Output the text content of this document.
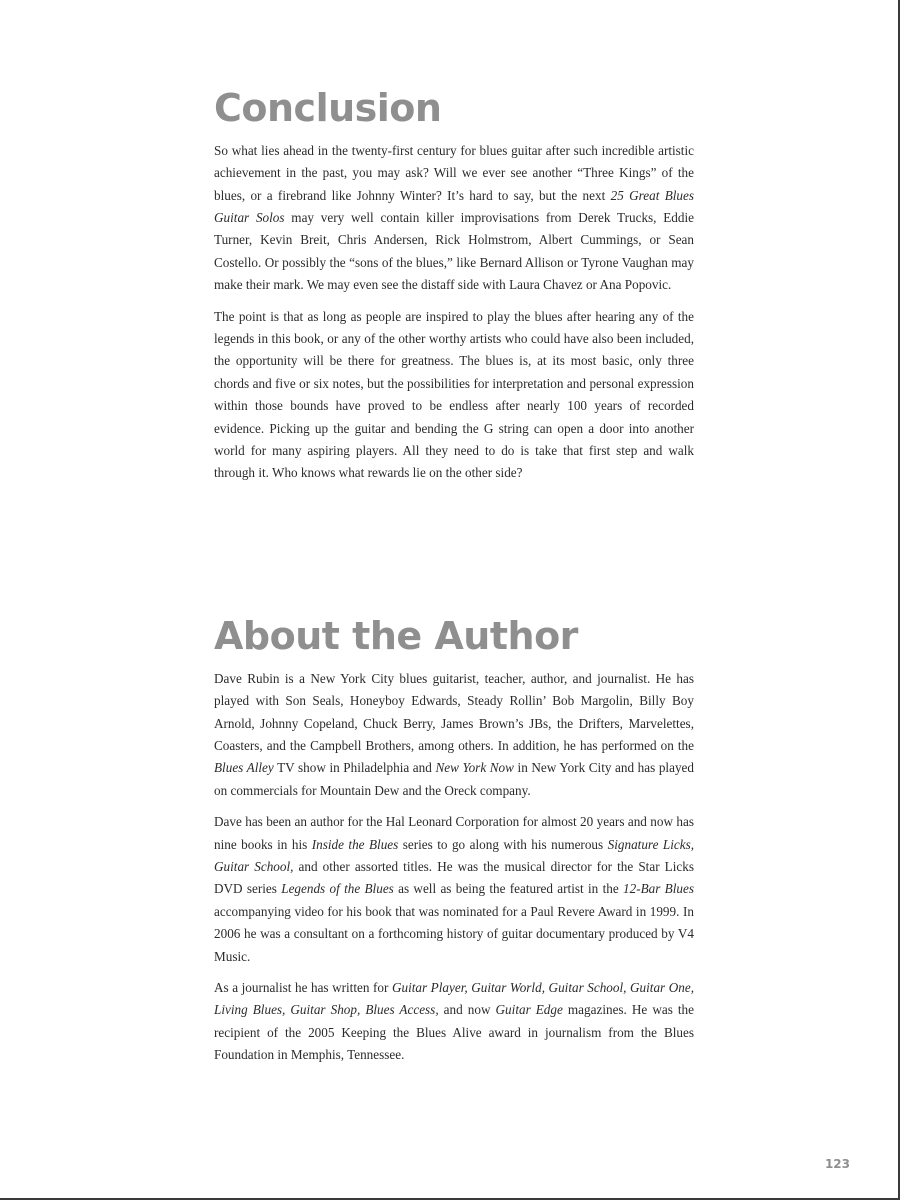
Conclusion

So what lies ahead in the twenty-first century for blues guitar after such incredible artistic achievement in the past, you may ask? Will we ever see another “Three Kings” of the blues, or a firebrand like Johnny Winter? It’s hard to say, but the next 25 Great Blues Guitar Solos may very well contain killer improvisations from Derek Trucks, Eddie Turner, Kevin Breit, Chris Andersen, Rick Holmstrom, Albert Cummings, or Sean Costello. Or possibly the “sons of the blues,” like Bernard Allison or Tyrone Vaughan may make their mark. We may even see the distaff side with Laura Chavez or Ana Popovic.

The point is that as long as people are inspired to play the blues after hearing any of the legends in this book, or any of the other worthy artists who could have also been included, the opportunity will be there for greatness. The blues is, at its most basic, only three chords and five or six notes, but the possibilities for interpretation and personal expression within those bounds have proved to be endless after nearly 100 years of recorded evidence. Picking up the guitar and bending the G string can open a door into another world for many aspiring players. All they need to do is take that first step and walk through it. Who knows what rewards lie on the other side?

About the Author

Dave Rubin is a New York City blues guitarist, teacher, author, and journalist. He has played with Son Seals, Honeyboy Edwards, Steady Rollin’ Bob Margolin, Billy Boy Arnold, Johnny Copeland, Chuck Berry, James Brown’s JBs, the Drifters, Marvelettes, Coasters, and the Campbell Brothers, among others. In addition, he has performed on the Blues Alley TV show in Philadelphia and New York Now in New York City and has played on commercials for Mountain Dew and the Oreck company.

Dave has been an author for the Hal Leonard Corporation for almost 20 years and now has nine books in his Inside the Blues series to go along with his numerous Signature Licks, Guitar School, and other assorted titles. He was the musical director for the Star Licks DVD series Legends of the Blues as well as being the featured artist in the 12-Bar Blues accompanying video for his book that was nominated for a Paul Revere Award in 1999. In 2006 he was a consultant on a forthcoming history of guitar documentary produced by V4 Music.

As a journalist he has written for Guitar Player, Guitar World, Guitar School, Guitar One, Living Blues, Guitar Shop, Blues Access, and now Guitar Edge magazines. He was the recipient of the 2005 Keeping the Blues Alive award in journalism from the Blues Foundation in Memphis, Tennessee.

123
